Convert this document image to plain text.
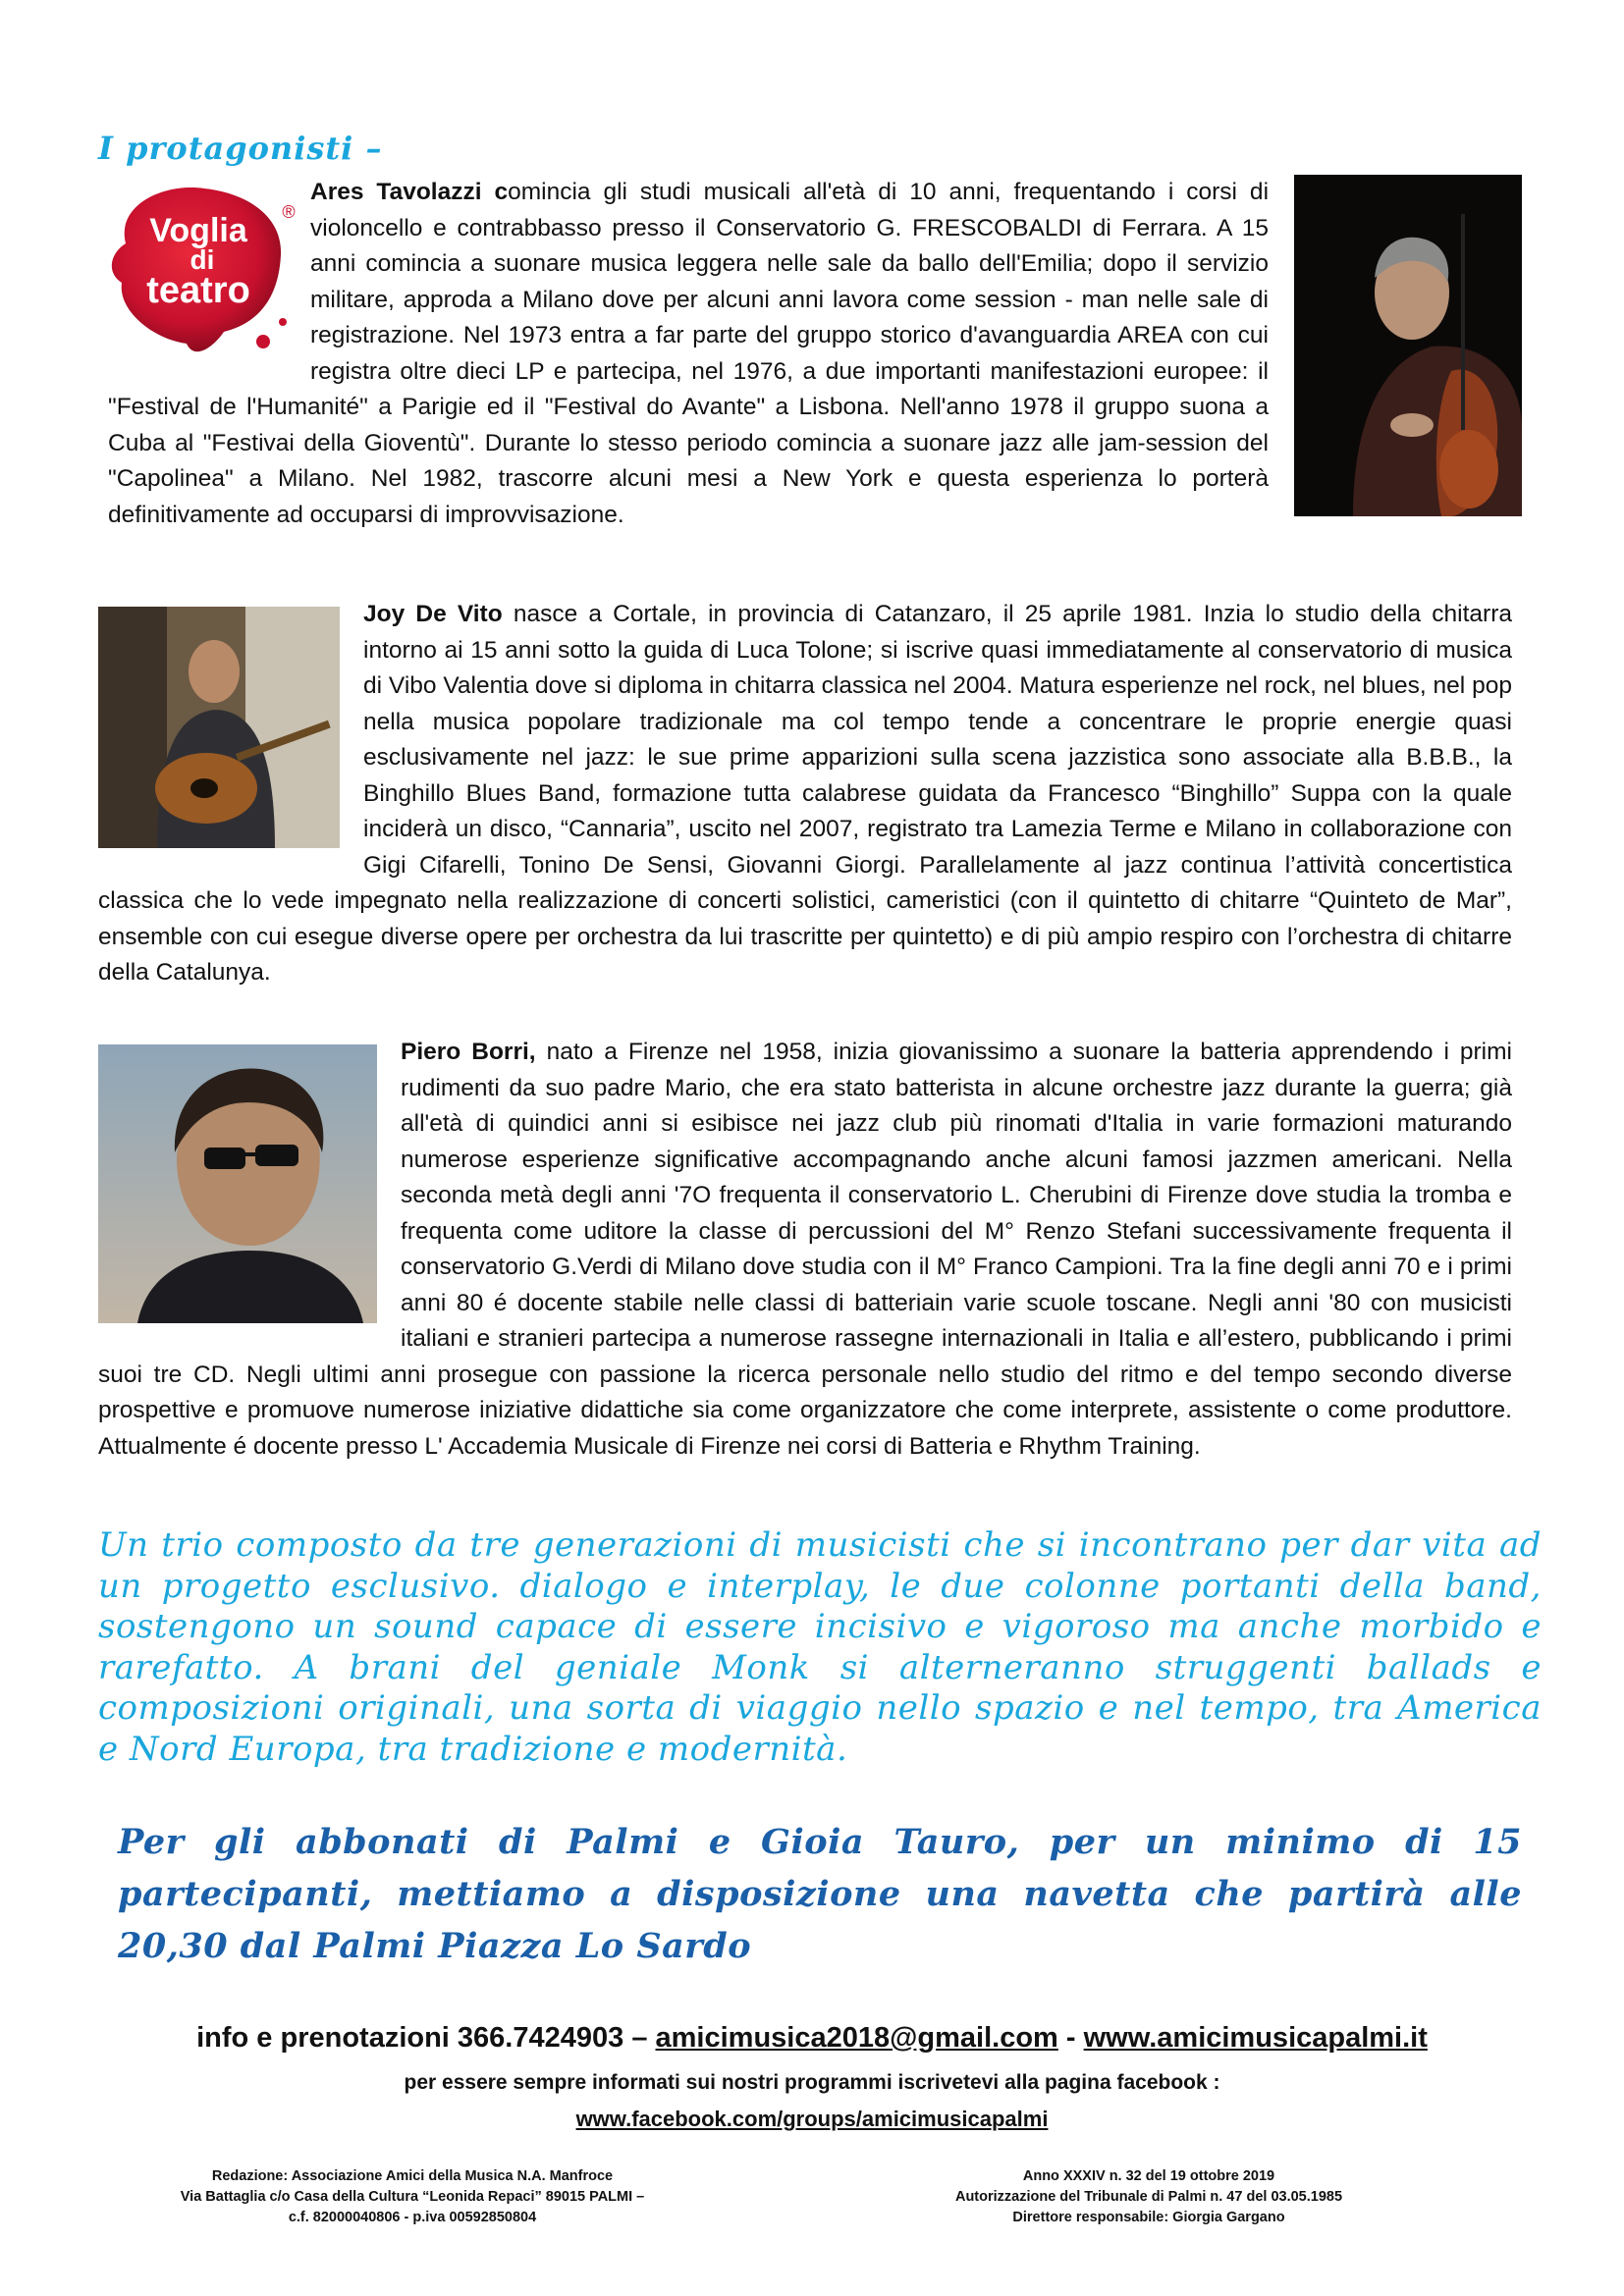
I protagonisti –
Voglia
di
teatro
®

Ares Tavolazzi comincia gli studi musicali all'età di 10 anni, frequentando i corsi di violoncello e contrabbasso presso il Conservatorio G. FRESCOBALDI di Ferrara. A 15 anni comincia a suonare musica leggera nelle sale da ballo dell'Emilia; dopo il servizio militare, approda a Milano dove per alcuni anni lavora come session - man nelle sale di registrazione. Nel 1973 entra a far parte del gruppo storico d'avanguardia AREA con cui registra oltre dieci LP e partecipa, nel 1976, a due importanti manifestazioni europee: il "Festival de l'Humanité" a Parigie ed il "Festival do Avante" a Lisbona. Nell'anno 1978 il gruppo suona a Cuba al "Festivai della Gioventù". Durante lo stesso periodo comincia a suonare jazz alle jam-session del "Capolinea" a Milano. Nel 1982, trascorre alcuni mesi a New York e questa esperienza lo porterà definitivamente ad occuparsi di improvvisazione.

Joy De Vito nasce a Cortale, in provincia di Catanzaro, il 25 aprile 1981. Inzia lo studio della chitarra intorno ai 15 anni sotto la guida di Luca Tolone; si iscrive quasi immediatamente al conservatorio di musica di Vibo Valentia dove si diploma in chitarra classica nel 2004. Matura esperienze nel rock, nel blues, nel pop nella musica popolare tradizionale ma col tempo tende a concentrare le proprie energie quasi esclusivamente nel jazz: le sue prime apparizioni sulla scena jazzistica sono associate alla B.B.B., la Binghillo Blues Band, formazione tutta calabrese guidata da Francesco “Binghillo” Suppa con la quale inciderà un disco, “Cannaria”, uscito nel 2007, registrato tra Lamezia Terme e Milano in collaborazione con Gigi Cifarelli, Tonino De Sensi, Giovanni Giorgi. Parallelamente al jazz continua l’attività concertistica classica che lo vede impegnato nella realizzazione di concerti solistici, cameristici (con il quintetto di chitarre “Quinteto de Mar”, ensemble con cui esegue diverse opere per orchestra da lui trascritte per quintetto) e di più ampio respiro con l’orchestra di chitarre della Catalunya.

Piero Borri, nato a Firenze nel 1958, inizia giovanissimo a suonare la batteria apprendendo i primi rudimenti da suo padre Mario, che era stato batterista in alcune orchestre jazz durante la guerra; già all'età di quindici anni si esibisce nei jazz club più rinomati d'Italia in varie formazioni maturando numerose esperienze significative accompagnando anche alcuni famosi jazzmen americani. Nella seconda metà degli anni '7O frequenta il conservatorio L. Cherubini di Firenze dove studia la tromba e frequenta come uditore la classe di percussioni del M° Renzo Stefani successivamente frequenta il conservatorio G.Verdi di Milano dove studia con il M° Franco Campioni. Tra la fine degli anni 70 e i primi anni 80 é docente stabile nelle classi di batteriain varie scuole toscane. Negli anni '80 con musicisti italiani e stranieri partecipa a numerose rassegne internazionali in Italia e all’estero, pubblicando i primi suoi tre CD. Negli ultimi anni prosegue con passione la ricerca personale nello studio del ritmo e del tempo secondo diverse prospettive e promuove numerose iniziative didattiche sia come organizzatore che come interprete, assistente o come produttore. Attualmente é docente presso L' Accademia Musicale di Firenze nei corsi di Batteria e Rhythm Training.

Un trio composto da tre generazioni di musicisti che si incontrano per dar vita ad un progetto esclusivo. dialogo e interplay, le due colonne portanti della band, sostengono un sound capace di essere incisivo e vigoroso ma anche morbido e rarefatto. A brani del geniale Monk si alterneranno struggenti ballads e composizioni originali, una sorta di viaggio nello spazio e nel tempo, tra America e Nord Europa, tra tradizione e modernità.

Per gli abbonati di Palmi e Gioia Tauro, per un minimo di 15 partecipanti, mettiamo a disposizione una navetta che partirà alle 20,30 dal Palmi Piazza Lo Sardo

info e prenotazioni 366.7424903 – amicimusica2018@gmail.com - www.amicimusicapalmi.it
per essere sempre informati sui nostri programmi iscrivetevi alla pagina facebook :
www.facebook.com/groups/amicimusicapalmi
Redazione: Associazione Amici della Musica N.A. Manfroce
Via Battaglia c/o Casa della Cultura “Leonida Repaci” 89015 PALMI –
c.f. 82000040806 - p.iva 00592850804
Anno XXXIV n. 32 del 19 ottobre 2019
Autorizzazione del Tribunale di Palmi n. 47 del 03.05.1985
Direttore responsabile: Giorgia Gargano
